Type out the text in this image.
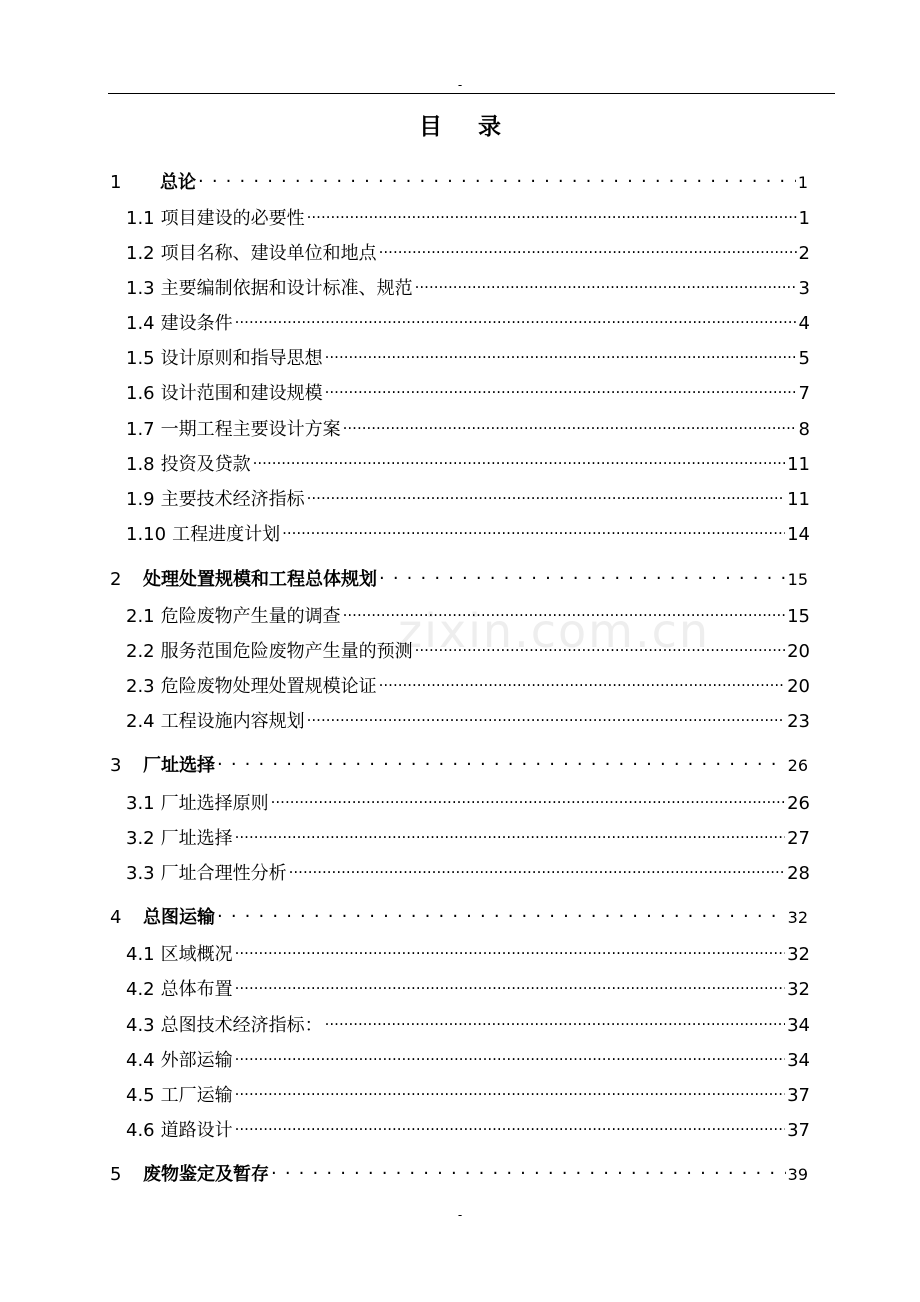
-
目录
zixin.com.cn
1	总论 . . .	1
1.1 项目建设的必要性 .....	1
1.2 项目名称、建设单位和地点 .....	2
1.3 主要编制依据和设计标准、规范 .....	3
1.4 建设条件 .....	4
1.5 设计原则和指导思想 .....	5
1.6 设计范围和建设规模 .....	7
1.7 一期工程主要设计方案 .....	8
1.8 投资及贷款 .....	11
1.9 主要技术经济指标 .....	11
1.10 工程进度计划 .....	14
2	处理处置规模和工程总体规划 . . .	15
2.1 危险废物产生量的调查 .....	15
2.2 服务范围危险废物产生量的预测 .....	20
2.3 危险废物处理处置规模论证 .....	20
2.4 工程设施内容规划 .....	23
3	厂址选择 . . .	26
3.1 厂址选择原则 .....	26
3.2 厂址选择 .....	27
3.3 厂址合理性分析 .....	28
4	总图运输 . . .	32
4.1 区域概况 .....	32
4.2 总体布置 .....	32
4.3 总图技术经济指标： .....	34
4.4 外部运输 .....	34
4.5 工厂运输 .....	37
4.6 道路设计 .....	37
5	废物鉴定及暂存 . . .	39
-
